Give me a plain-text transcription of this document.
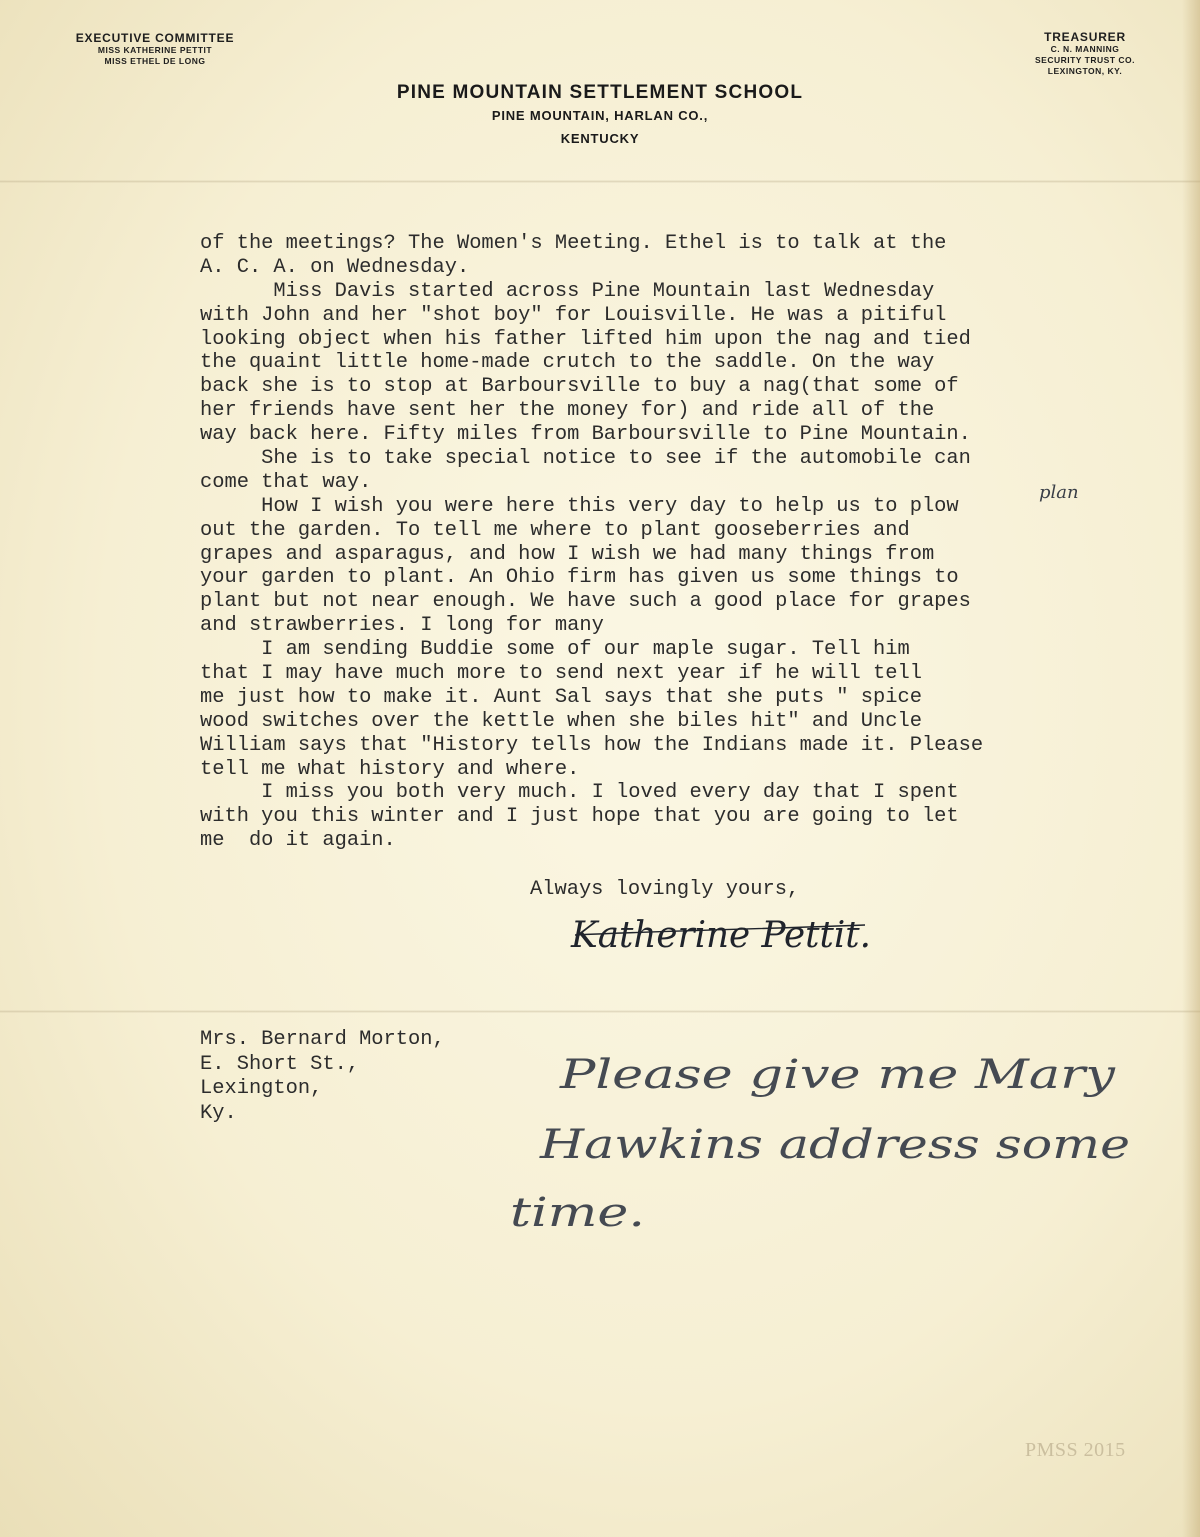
EXECUTIVE COMMITTEE
MISS KATHERINE PETTIT
MISS ETHEL DE LONG
TREASURER
C. N. MANNING
SECURITY TRUST CO.
LEXINGTON, KY.
PINE MOUNTAIN SETTLEMENT SCHOOL
PINE MOUNTAIN, HARLAN CO.,
KENTUCKY
of the meetings? The Women's Meeting. Ethel is to talk at the
A. C. A. on Wednesday.
Miss Davis started across Pine Mountain last Wednesday
with John and her "shot boy" for Louisville. He was a pitiful
looking object when his father lifted him upon the nag and tied
the quaint little home-made crutch to the saddle. On the way
back she is to stop at Barboursville to buy a nag(that some of
her friends have sent her the money for) and ride all of the
way back here. Fifty miles from Barboursville to Pine Mountain.
She is to take special notice to see if the automobile can
come that way.
How I wish you were here this very day to help us to plow
out the garden. To tell me where to plant gooseberries and
grapes and asparagus, and how I wish we had many things from
your garden to plant. An Ohio firm has given us some things to
plant but not near enough. We have such a good place for grapes
and strawberries. I long for many
I am sending Buddie some of our maple sugar. Tell him
that I may have much more to send next year if he will tell
me just how to make it. Aunt Sal says that she puts " spice
wood switches over the kettle when she biles hit" and Uncle
William says that "History tells how the Indians made it. Please
tell me what history and where.
I miss you both very much. I loved every day that I spent
with you this winter and I just hope that you are going to let
me  do it again.
plan
Always lovingly yours,
Katherine Pettit.
Mrs. Bernard Morton,
E. Short St.,
Lexington,
Ky.
Please give me Mary Hawkins address some time.
PMSS 2015
